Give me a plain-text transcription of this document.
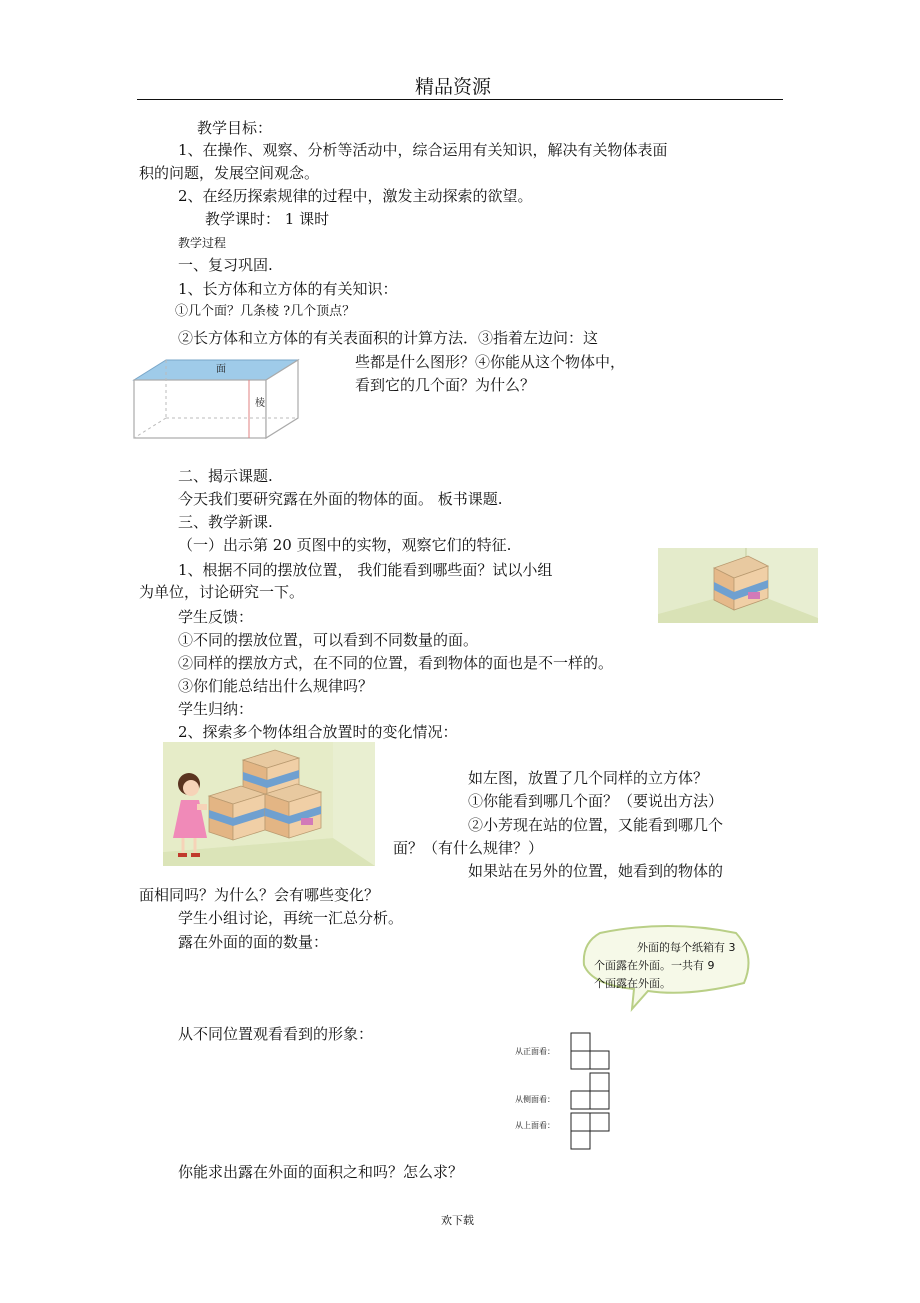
精品资源
教学目标：
1、在操作、观察、分析等活动中，综合运用有关知识，解决有关物体表面
积的问题，发展空间观念。
2、在经历探索规律的过程中，激发主动探索的欲望。
教学课时： 1 课时
教学过程
一、复习巩固.
1、长方体和立方体的有关知识：
①几个面？几条棱 ?几个顶点？
②长方体和立方体的有关表面积的计算方法．③指着左边问：这
些都是什么图形？④你能从这个物体中，
看到它的几个面？为什么？
面
棱
二、揭示课题.
今天我们要研究露在外面的物体的面。 板书课题.
三、教学新课.
（一）出示第 20 页图中的实物，观察它们的特征.
1、根据不同的摆放位置， 我们能看到哪些面？试以小组
为单位，讨论研究一下。
学生反馈：
①不同的摆放位置，可以看到不同数量的面。
②同样的摆放方式，在不同的位置，看到物体的面也是不一样的。
③你们能总结出什么规律吗？
学生归纳：
2、探索多个物体组合放置时的变化情况：
如左图，放置了几个同样的立方体？
①你能看到哪几个面？（要说出方法）
②小芳现在站的位置，又能看到哪几个
面？（有什么规律？）
如果站在另外的位置，她看到的物体的
面相同吗？为什么？会有哪些变化？
学生小组讨论，再统一汇总分析。
露在外面的面的数量：	外面的每个纸箱有 3
个面露在外面。一共有 9
个面露在外面。
从不同位置观看看到的形象：
从正面看：
从侧面看：
从上面看：
你能求出露在外面的面积之和吗？怎么求？
欢下载
